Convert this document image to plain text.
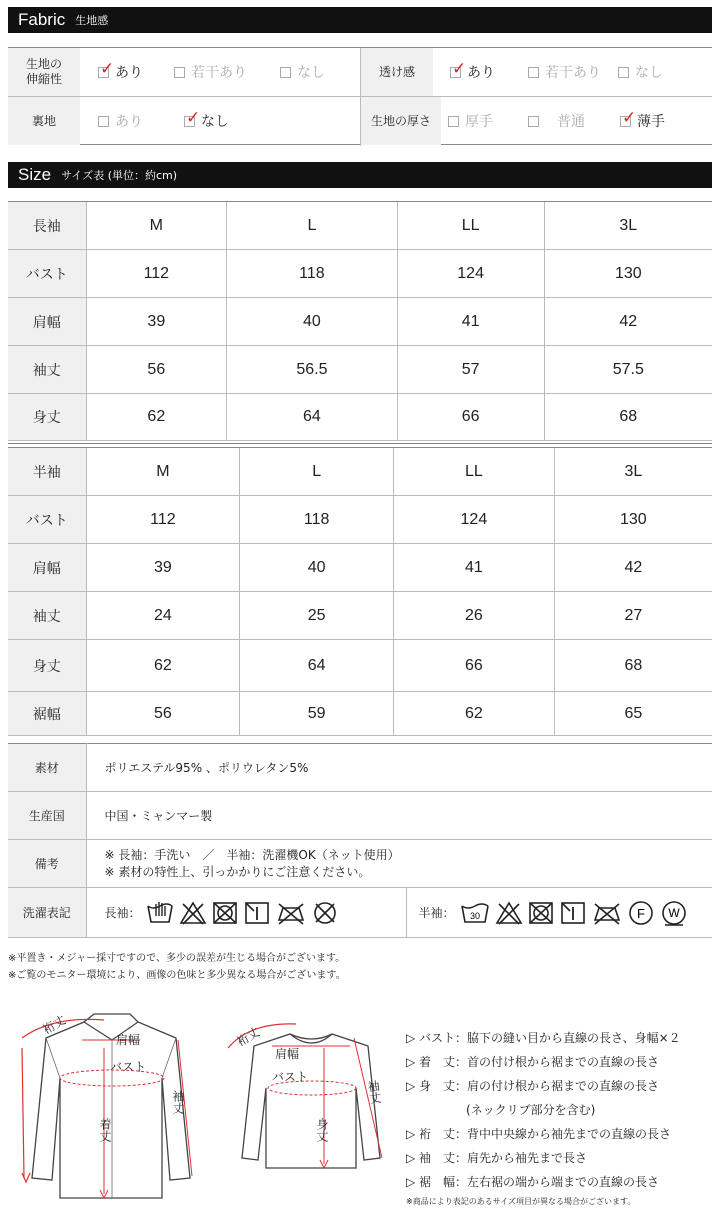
Fabric 生地感
生地の
伸縮性
✓ あり	若干あり	なし	透け感	✓ あり	若干あり なし
裏地	あり	✓ なし	生地の厚さ	厚手	普通 ✓ 薄手
Size サイズ表 (単位：約cm)
長袖	M	L	LL	3L
バスト	112	118	124	130
肩幅	39	40	41	42
袖丈	56	56.5	57	57.5
身丈	62	64	66	68
半袖	M	L	LL	3L
バスト	112	118	124	130
肩幅	39	40	41	42
袖丈	24	25	26	27
身丈	62	64	66	68
裾幅	56	59	62	65
素材	ポリエステル95% 、ポリウレタン5%	
生産国	中国・ミャンマー製	
備考	※ 長袖：手洗い　／　半袖：洗濯機OK（ネット使用）
※ 素材の特性上、引っかかりにご注意ください。	

洗濯表記	長袖：	半袖： 30 F W
※平置き・メジャー採寸ですので、多少の誤差が生じる場合がございます。
※ご覧のモニター環境により、画像の色味と多少異なる場合がございます。
裄丈
肩幅
バスト
袖丈
着丈
裄丈
肩幅
バスト
袖丈
身丈
▷ バスト：脇下の縫い目から直線の長さ、身幅×２
▷ 着　丈：首の付け根から裾までの直線の長さ
▷ 身　丈：肩の付け根から裾までの直線の長さ
　　　　　(ネックリブ部分を含む)
▷ 裄　丈：背中中央線から袖先までの直線の長さ
▷ 袖　丈：肩先から袖先まで長さ
▷ 裾　幅：左右裾の端から端までの直線の長さ
※商品により表記のあるサイズ項目が異なる場合がございます。
